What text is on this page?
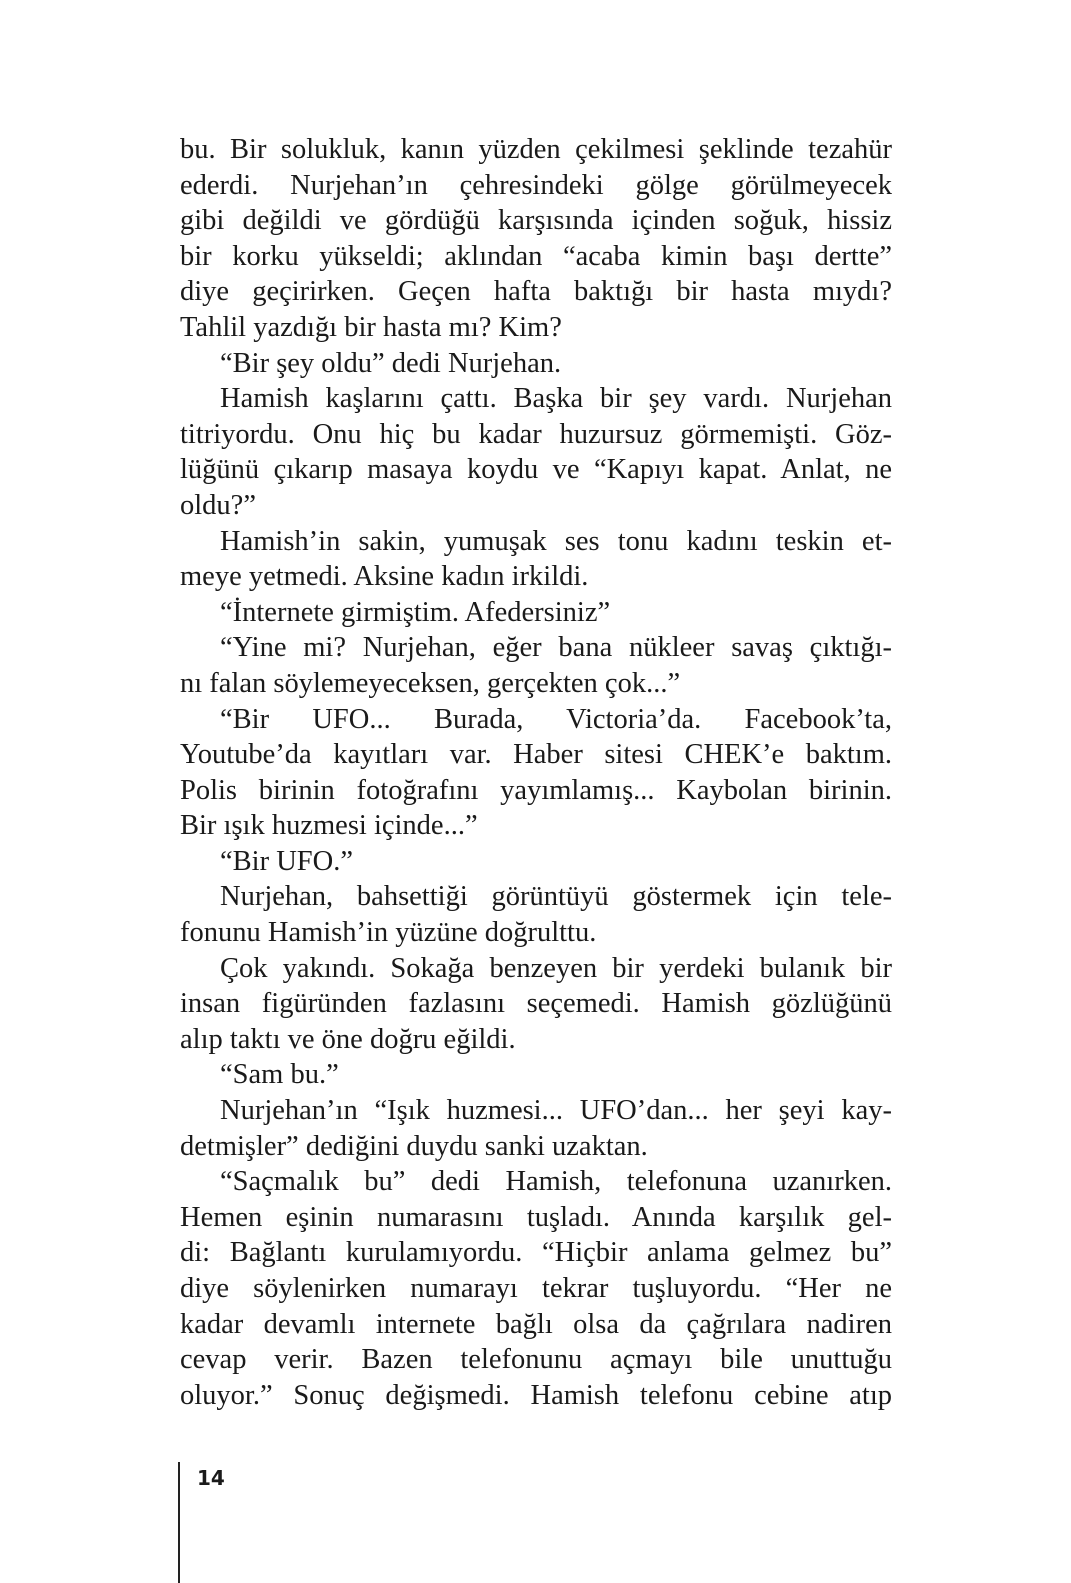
bu. Bir solukluk, kanın yüzden çekilmesi şeklinde tezahür
ederdi. Nurjehan’ın çehresindeki gölge görülmeyecek
gibi değildi ve gördüğü karşısında içinden soğuk, hissiz
bir korku yükseldi; aklından “acaba kimin başı dertte”
diye geçirirken. Geçen hafta baktığı bir hasta mıydı?
Tahlil yazdığı bir hasta mı? Kim?
“Bir şey oldu” dedi Nurjehan.
Hamish kaşlarını çattı. Başka bir şey vardı. Nurjehan
titriyordu. Onu hiç bu kadar huzursuz görmemişti. Göz-
lüğünü çıkarıp masaya koydu ve “Kapıyı kapat. Anlat, ne
oldu?”
Hamish’in sakin, yumuşak ses tonu kadını teskin et-
meye yetmedi. Aksine kadın irkildi.
“İnternete girmiştim. Afedersiniz”
“Yine mi? Nurjehan, eğer bana nükleer savaş çıktığı-
nı falan söylemeyeceksen, gerçekten çok...”
“Bir UFO... Burada, Victoria’da. Facebook’ta,
Youtube’da kayıtları var. Haber sitesi CHEK’e baktım.
Polis birinin fotoğrafını yayımlamış... Kaybolan birinin.
Bir ışık huzmesi içinde...”
“Bir UFO.”
Nurjehan, bahsettiği görüntüyü göstermek için tele-
fonunu Hamish’in yüzüne doğrulttu.
Çok yakındı. Sokağa benzeyen bir yerdeki bulanık bir
insan figüründen fazlasını seçemedi. Hamish gözlüğünü
alıp taktı ve öne doğru eğildi.
“Sam bu.”
Nurjehan’ın “Işık huzmesi... UFO’dan... her şeyi kay-
detmişler” dediğini duydu sanki uzaktan.
“Saçmalık bu” dedi Hamish, telefonuna uzanırken.
Hemen eşinin numarasını tuşladı. Anında karşılık gel-
di: Bağlantı kurulamıyordu. “Hiçbir anlama gelmez bu”
diye söylenirken numarayı tekrar tuşluyordu. “Her ne
kadar devamlı internete bağlı olsa da çağrılara nadiren
cevap verir. Bazen telefonunu açmayı bile unuttuğu
oluyor.” Sonuç değişmedi. Hamish telefonu cebine atıp
14
